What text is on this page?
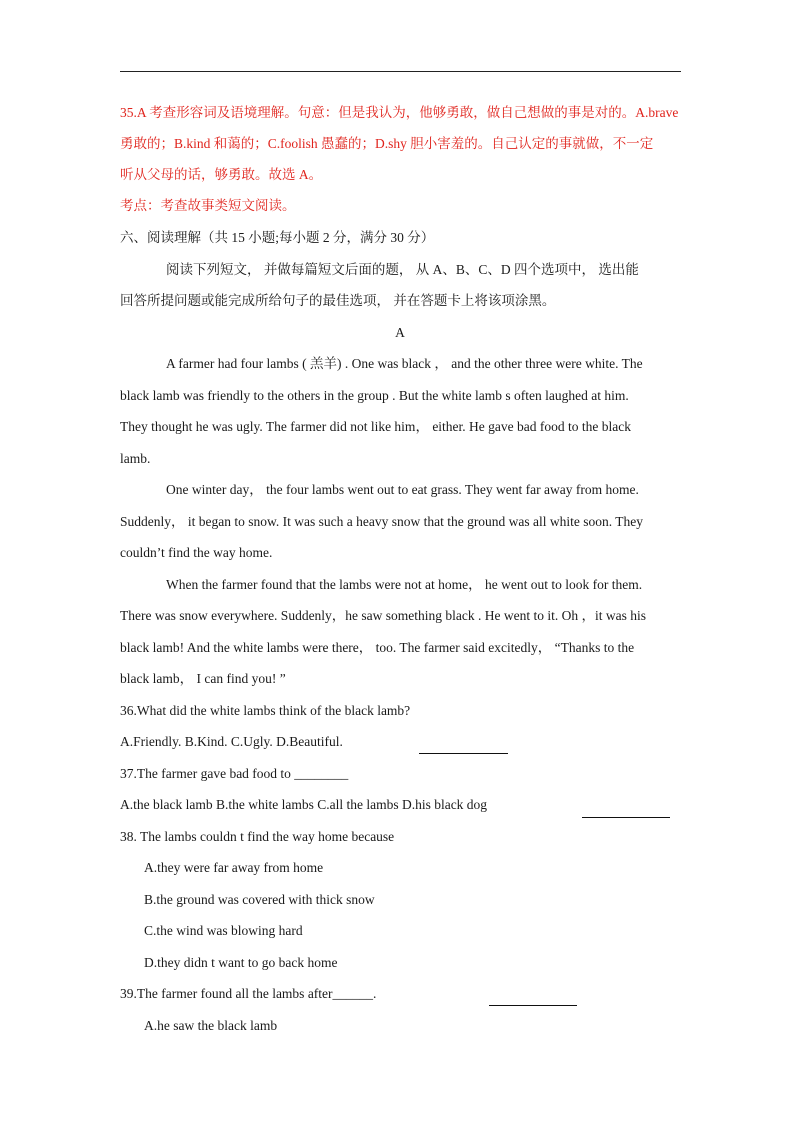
35.A 考查形容词及语境理解。句意：但是我认为，他够勇敢，做自己想做的事是对的。A.brave
勇敢的；B.kind 和蔼的；C.foolish 愚蠢的；D.shy 胆小害羞的。自己认定的事就做，不一定
听从父母的话，够勇敢。故选 A。
考点：考查故事类短文阅读。
六、阅读理解（共 15 小题;每小题 2 分，满分 30 分）
阅读下列短文， 并做每篇短文后面的题， 从 A、B、C、D 四个选项中， 选出能
回答所提问题或能完成所给句子的最佳选项， 并在答题卡上将该项涂黑。
A
A farmer had four lambs ( 羔羊) . One was black ， and the other three were white. The
black lamb was friendly to the others in the group . But the white lamb s often laughed at him.
They thought he was ugly. The farmer did not like him， either. He gave bad food to the black
lamb.
One winter day， the four lambs went out to eat grass. They went far away from home.
Suddenly， it began to snow. It was such a heavy snow that the ground was all white soon. They
couldn’t find the way home.
When the farmer found that the lambs were not at home， he went out to look for them.
There was snow everywhere. Suddenly，he saw something black . He went to it. Oh ，it was his
black lamb! And the white lambs were there， too. The farmer said excitedly， “Thanks to the
black lamb， I can find you! ”
36.What did the white lambs think of the black lamb?
A.Friendly. B.Kind. C.Ugly. D.Beautiful.
37.The farmer gave bad food to ________
A.the black lamb B.the white lambs C.all the lambs D.his black dog
38. The lambs couldn t find the way home because
A.they were far away from home
B.the ground was covered with thick snow
C.the wind was blowing hard
D.they didn t want to go back home
39.The farmer found all the lambs after______.
A.he saw the black lamb
